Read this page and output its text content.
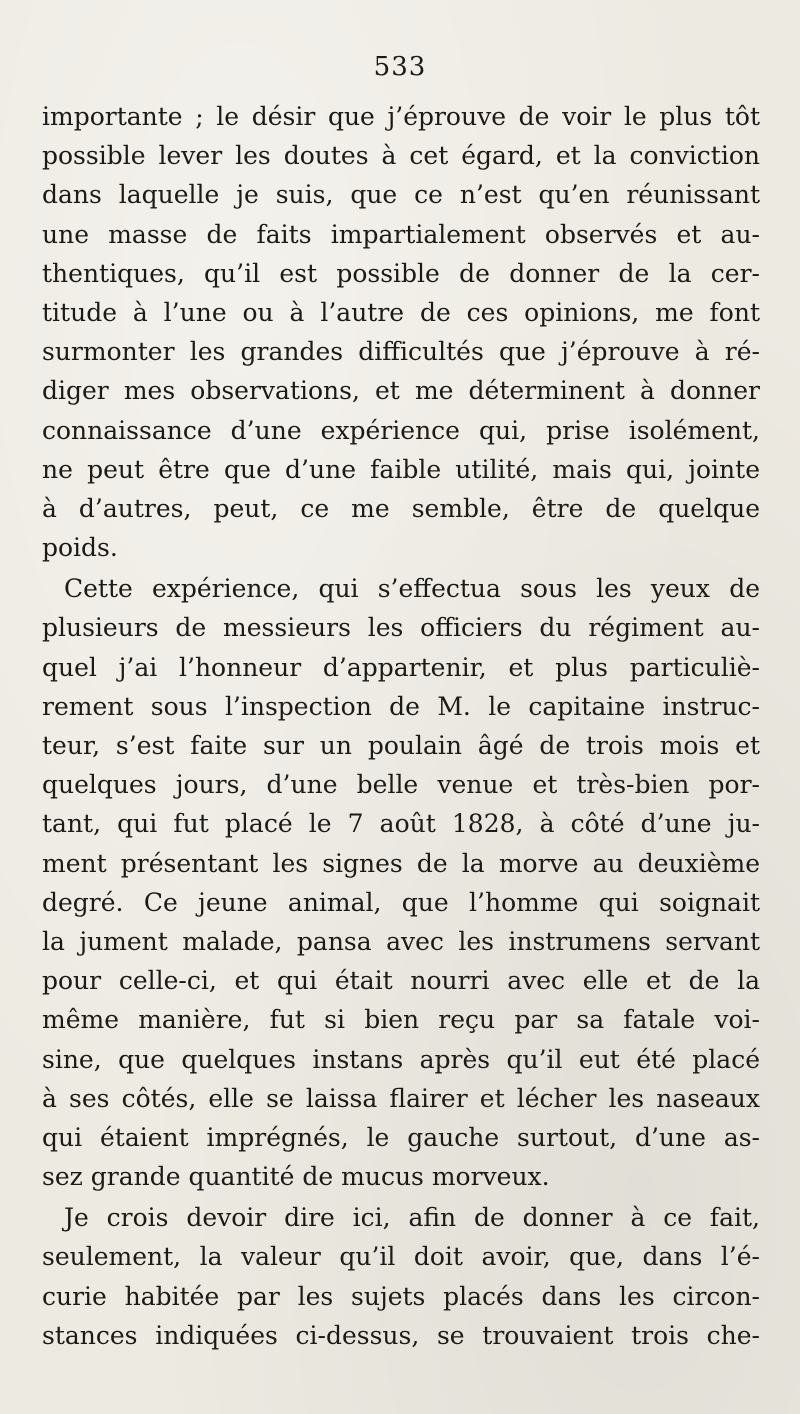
533
importante ; le désir que j’éprouve de voir le plus tôt
possible lever les doutes à cet égard, et la conviction
dans laquelle je suis, que ce n’est qu’en réunissant
une masse de faits impartialement observés et au-
thentiques, qu’il est possible de donner de la cer-
titude à l’une ou à l’autre de ces opinions, me font
surmonter les grandes difficultés que j’éprouve à ré-
diger mes observations, et me déterminent à donner
connaissance d’une expérience qui, prise isolément,
ne peut être que d’une faible utilité, mais qui, jointe
à d’autres, peut, ce me semble, être de quelque
poids.
Cette expérience, qui s’effectua sous les yeux de
plusieurs de messieurs les officiers du régiment au-
quel j’ai l’honneur d’appartenir, et plus particuliè-
rement sous l’inspection de M. le capitaine instruc-
teur, s’est faite sur un poulain âgé de trois mois et
quelques jours, d’une belle venue et très-bien por-
tant, qui fut placé le 7 août 1828, à côté d’une ju-
ment présentant les signes de la morve au deuxième
degré. Ce jeune animal, que l’homme qui soignait
la jument malade, pansa avec les instrumens servant
pour celle-ci, et qui était nourri avec elle et de la
même manière, fut si bien reçu par sa fatale voi-
sine, que quelques instans après qu’il eut été placé
à ses côtés, elle se laissa flairer et lécher les naseaux
qui étaient imprégnés, le gauche surtout, d’une as-
sez grande quantité de mucus morveux.
Je crois devoir dire ici, afin de donner à ce fait,
seulement, la valeur qu’il doit avoir, que, dans l’é-
curie habitée par les sujets placés dans les circon-
stances indiquées ci-dessus, se trouvaient trois che-
